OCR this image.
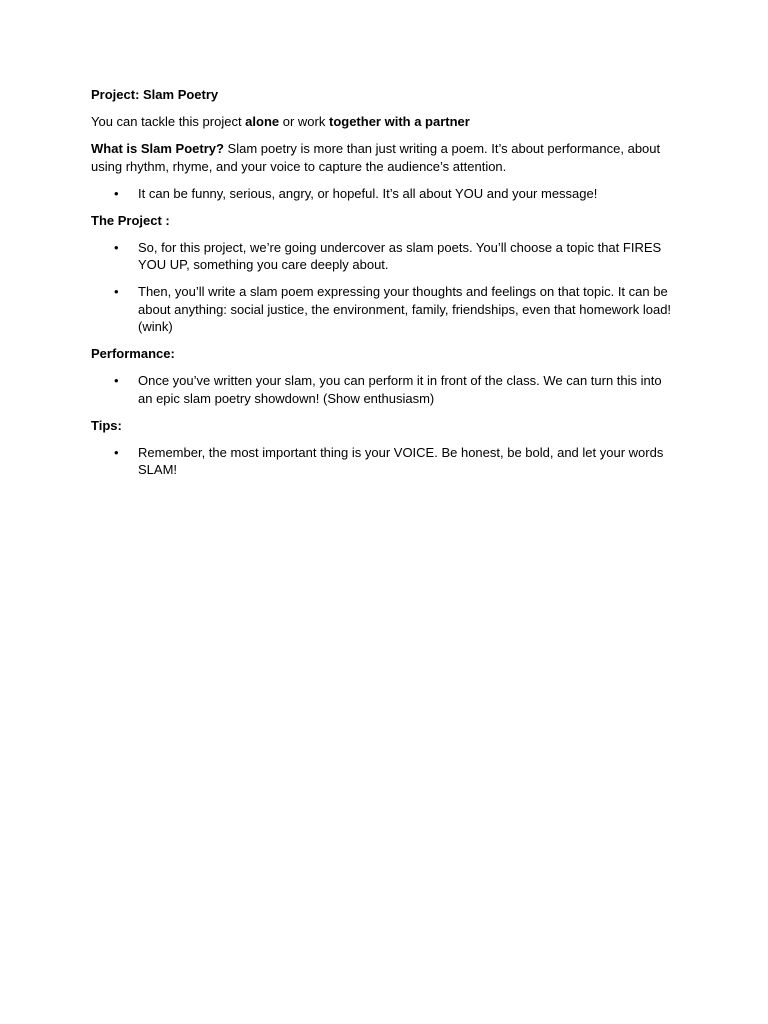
Project: Slam Poetry

You can tackle this project alone or work together with a partner

What is Slam Poetry? Slam poetry is more than just writing a poem. It’s about performance, about using rhythm, rhyme, and your voice to capture the audience’s attention.

• It can be funny, serious, angry, or hopeful. It’s all about YOU and your message!

The Project :

• So, for this project, we’re going undercover as slam poets. You’ll choose a topic that FIRES YOU UP, something you care deeply about.
• Then, you’ll write a slam poem expressing your thoughts and feelings on that topic. It can be about anything: social justice, the environment, family, friendships, even that homework load! (wink)

Performance:

• Once you’ve written your slam, you can perform it in front of the class. We can turn this into an epic slam poetry showdown! (Show enthusiasm)

Tips:

• Remember, the most important thing is your VOICE. Be honest, be bold, and let your words SLAM!
